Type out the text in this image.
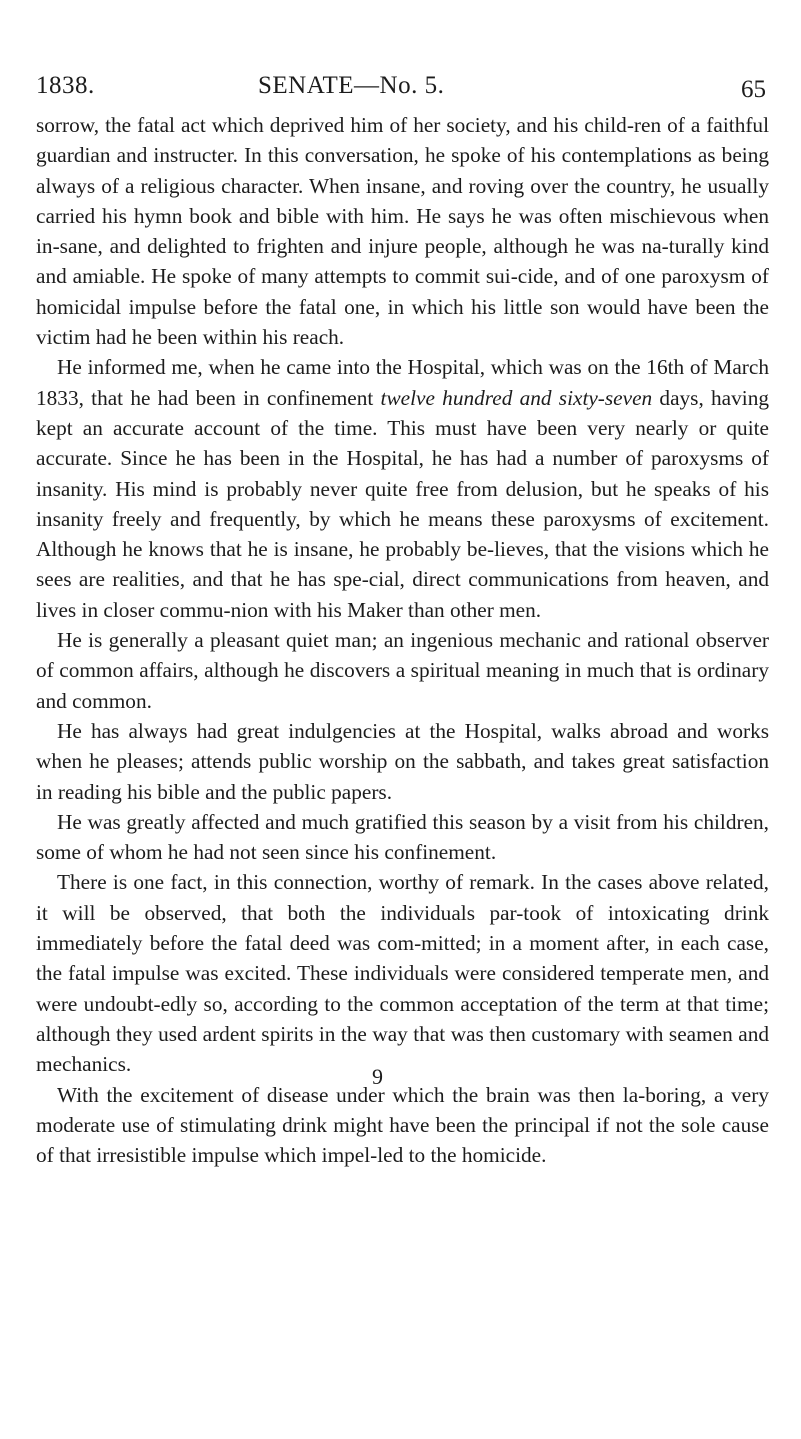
1838.	SENATE—No. 5.	65

sorrow, the fatal act which deprived him of her society, and his child-ren of a faithful guardian and instructer. In this conversation, he spoke of his contemplations as being always of a religious character. When insane, and roving over the country, he usually carried his hymn book and bible with him. He says he was often mischievous when in-sane, and delighted to frighten and injure people, although he was na-turally kind and amiable. He spoke of many attempts to commit sui-cide, and of one paroxysm of homicidal impulse before the fatal one, in which his little son would have been the victim had he been within his reach.

He informed me, when he came into the Hospital, which was on the 16th of March 1833, that he had been in confinement twelve hundred and sixty-seven days, having kept an accurate account of the time. This must have been very nearly or quite accurate. Since he has been in the Hospital, he has had a number of paroxysms of insanity. His mind is probably never quite free from delusion, but he speaks of his insanity freely and frequently, by which he means these paroxysms of excitement. Although he knows that he is insane, he probably be-lieves, that the visions which he sees are realities, and that he has spe-cial, direct communications from heaven, and lives in closer commu-nion with his Maker than other men.

He is generally a pleasant quiet man; an ingenious mechanic and rational observer of common affairs, although he discovers a spiritual meaning in much that is ordinary and common.

He has always had great indulgencies at the Hospital, walks abroad and works when he pleases; attends public worship on the sabbath, and takes great satisfaction in reading his bible and the public papers.

He was greatly affected and much gratified this season by a visit from his children, some of whom he had not seen since his confinement.

There is one fact, in this connection, worthy of remark. In the cases above related, it will be observed, that both the individuals par-took of intoxicating drink immediately before the fatal deed was com-mitted; in a moment after, in each case, the fatal impulse was excited. These individuals were considered temperate men, and were undoubt-edly so, according to the common acceptation of the term at that time; although they used ardent spirits in the way that was then customary with seamen and mechanics.

With the excitement of disease under which the brain was then la-boring, a very moderate use of stimulating drink might have been the principal if not the sole cause of that irresistible impulse which impel-led to the homicide.

9
